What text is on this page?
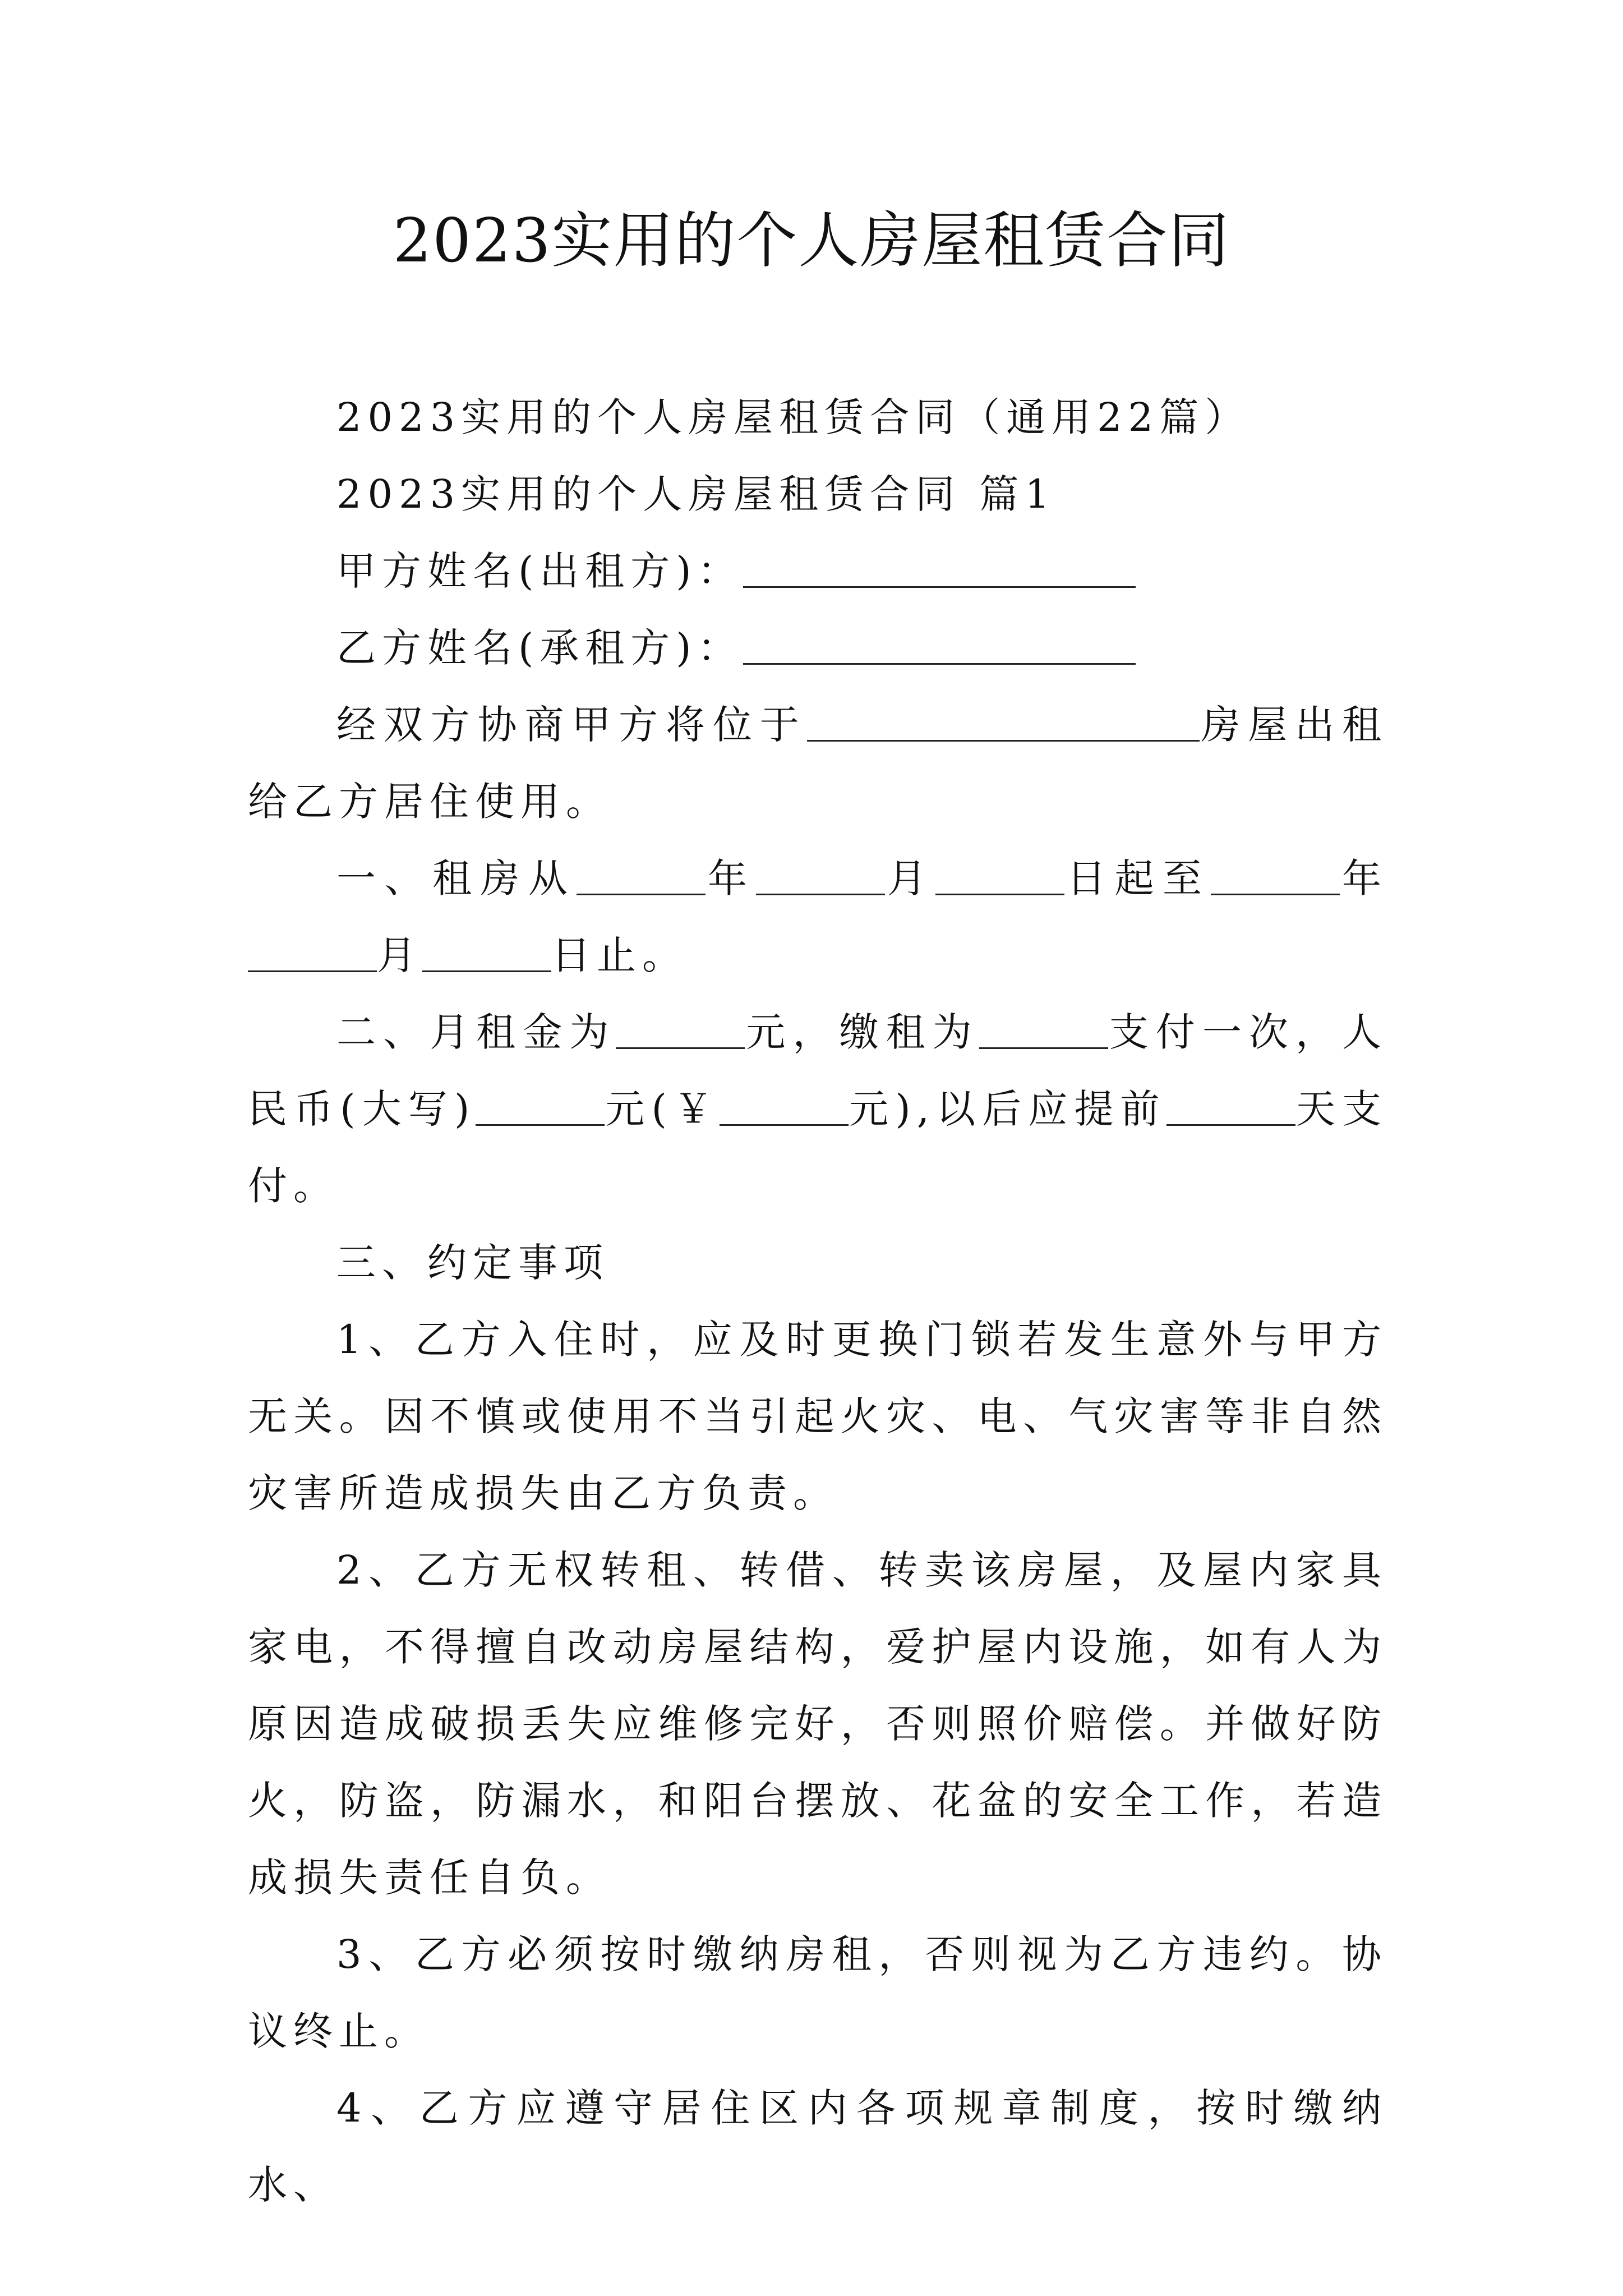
2023实用的个人房屋租赁合同

2023实用的个人房屋租赁合同（通用22篇）

2023实用的个人房屋租赁合同 篇1

甲方姓名(出租方)：

乙方姓名(承租方)：

经双方协商甲方将位于	房屋出租给乙方居住使用。

一、租房从	年	月	日起至	年月	日止。

二、月租金为	元，缴租为	支付一次，人民币(大写)	元(￥	元),以后应提前	天支付。

三、约定事项

1、乙方入住时，应及时更换门锁若发生意外与甲方无关。因不慎或使用不当引起火灾、电、气灾害等非自然灾害所造成损失由乙方负责。

2、乙方无权转租、转借、转卖该房屋，及屋内家具家电，不得擅自改动房屋结构，爱护屋内设施，如有人为原因造成破损丢失应维修完好，否则照价赔偿。并做好防火，防盗，防漏水，和阳台摆放、花盆的安全工作，若造成损失责任自负。

3、乙方必须按时缴纳房租，否则视为乙方违约。协议终止。

4、乙方应遵守居住区内各项规章制度，按时缴纳水、
